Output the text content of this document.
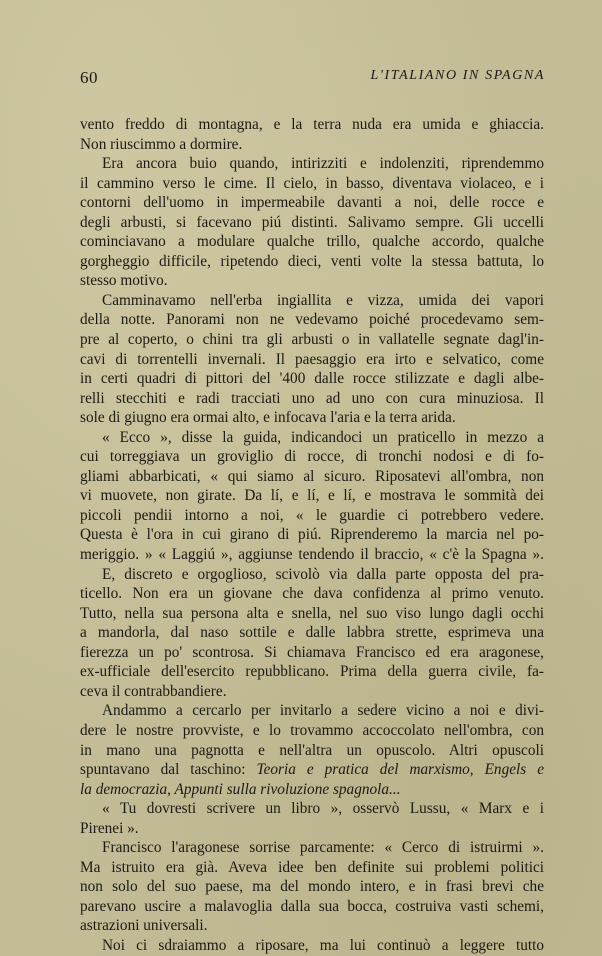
60	L'ITALIANO IN SPAGNA
vento freddo di montagna, e la terra nuda era umida e ghiaccia.
Non riuscimmo a dormire.
Era ancora buio quando, intirizziti e indolenziti, riprendemmo
il cammino verso le cime. Il cielo, in basso, diventava violaceo, e i
contorni dell'uomo in impermeabile davanti a noi, delle rocce e
degli arbusti, si facevano piú distinti. Salivamo sempre. Gli uccelli
cominciavano a modulare qualche trillo, qualche accordo, qualche
gorgheggio difficile, ripetendo dieci, venti volte la stessa battuta, lo
stesso motivo.
Camminavamo nell'erba ingiallita e vizza, umida dei vapori
della notte. Panorami non ne vedevamo poiché procedevamo sem-
pre al coperto, o chini tra gli arbusti o in vallatelle segnate dagl'in-
cavi di torrentelli invernali. Il paesaggio era irto e selvatico, come
in certi quadri di pittori del '400 dalle rocce stilizzate e dagli albe-
relli stecchiti e radi tracciati uno ad uno con cura minuziosa. Il
sole di giugno era ormai alto, e infocava l'aria e la terra arida.
« Ecco », disse la guida, indicandoci un praticello in mezzo a
cui torreggiava un groviglio di rocce, di tronchi nodosi e di fo-
gliami abbarbicati, « qui siamo al sicuro. Riposatevi all'ombra, non
vi muovete, non girate. Da lí, e lí, e lí, e mostrava le sommità dei
piccoli pendii intorno a noi, « le guardie ci potrebbero vedere.
Questa è l'ora in cui girano di piú. Riprenderemo la marcia nel po-
meriggio. » « Laggiú », aggiunse tendendo il braccio, « c'è la Spagna ».
E, discreto e orgoglioso, scivolò via dalla parte opposta del pra-
ticello. Non era un giovane che dava confidenza al primo venuto.
Tutto, nella sua persona alta e snella, nel suo viso lungo dagli occhi
a mandorla, dal naso sottile e dalle labbra strette, esprimeva una
fierezza un po' scontrosa. Si chiamava Francisco ed era aragonese,
ex-ufficiale dell'esercito repubblicano. Prima della guerra civile, fa-
ceva il contrabbandiere.
Andammo a cercarlo per invitarlo a sedere vicino a noi e divi-
dere le nostre provviste, e lo trovammo accoccolato nell'ombra, con
in mano una pagnotta e nell'altra un opuscolo. Altri opuscoli
spuntavano dal taschino: Teoria e pratica del marxismo, Engels e
la democrazia, Appunti sulla rivoluzione spagnola...
« Tu dovresti scrivere un libro », osservò Lussu, « Marx e i
Pirenei ».
Francisco l'aragonese sorrise parcamente: « Cerco di istruirmi ».
Ma istruito era già. Aveva idee ben definite sui problemi politici
non solo del suo paese, ma del mondo intero, e in frasi brevi che
parevano uscire a malavoglia dalla sua bocca, costruiva vasti schemi,
astrazioni universali.
Noi ci sdraiammo a riposare, ma lui continuò a leggere tutto
